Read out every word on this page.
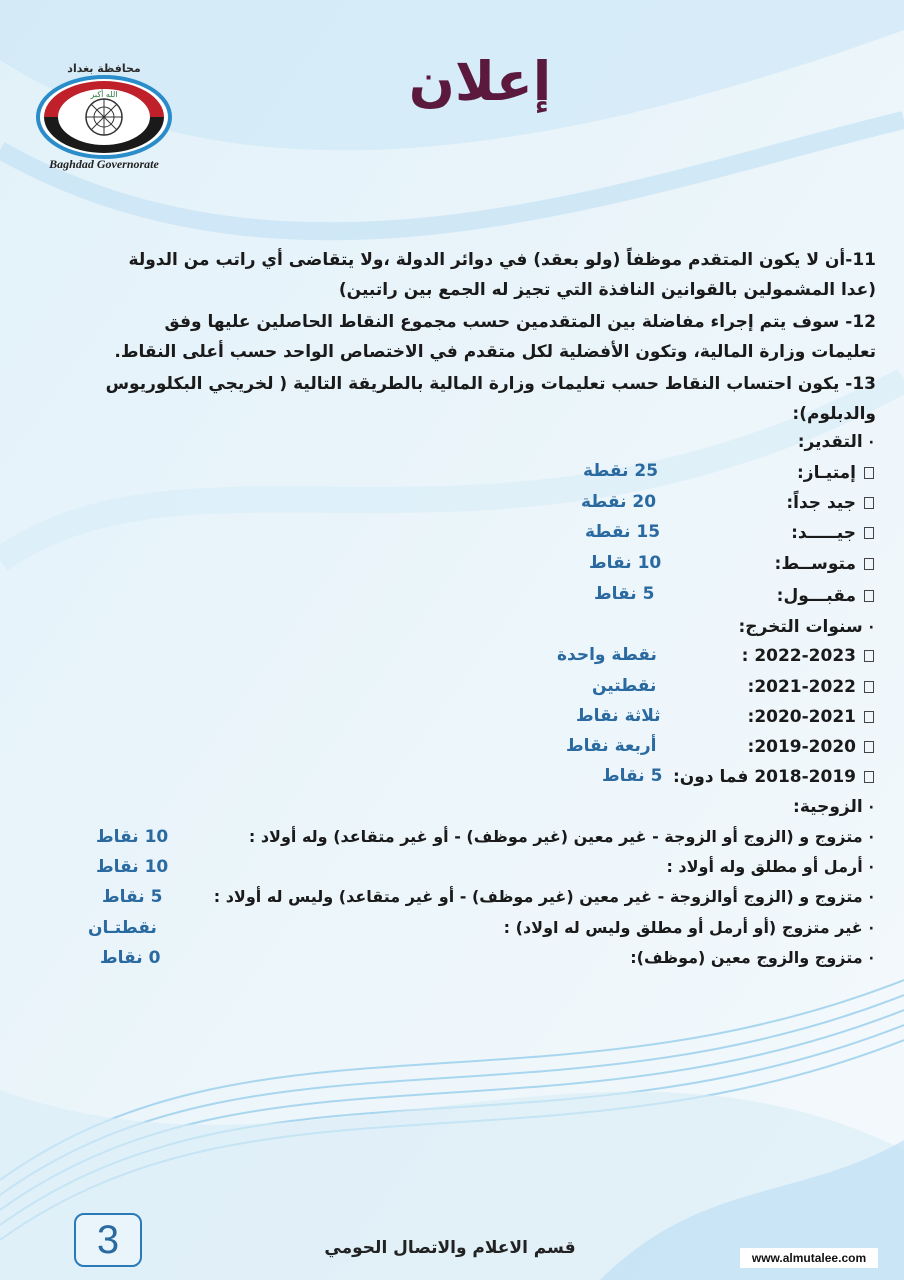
محافظة بغداد
الله أكبر
Baghdad Governorate
إعلان

11-أن لا يكون المتقدم موظفاً (ولو بعقد) في دوائر الدولة ،ولا يتقاضى أي راتب من الدولة

(عدا المشمولين بالقوانين النافذة التي تجيز له الجمع بين راتبين)

12- سوف يتم إجراء مفاضلة بين المتقدمين حسب مجموع النقاط الحاصلين عليها وفق

تعليمات وزارة المالية، وتكون الأفضلية لكل متقدم في الاختصاص الواحد حسب أعلى النقاط.

13- يكون احتساب النقاط حسب تعليمات وزارة المالية بالطريقة التالية ( لخريجي البكلوريوس

والدبلوم):

·التقدير:
إمتيـاز:
25 نقطة
جيد جداً:
20 نقطة
جيـــــد:
15 نقطة
متوســط:
10 نقاط
مقبـــول:
5 نقاط
·سنوات التخرج:
2022-2023 :
نقطة واحدة
2021-2022:
نقطتين
2020-2021:
ثلاثة نقاط
2019-2020:
أربعة نقاط
2018-2019 فما دون:
5 نقاط
·الزوجية:
·متزوج و (الزوج أو الزوجة - غير معين (غير موظف) - أو غير متقاعد) وله أولاد :
10 نقاط
·أرمل أو مطلق وله أولاد :
10 نقاط
·متزوج و (الزوج أوالزوجة - غير معين (غير موظف) - أو غير متقاعد) وليس له أولاد :
5 نقاط
·غير متزوج (أو أرمل أو مطلق وليس له اولاد) :
نقطتـان
·متزوج والزوج معين (موظف):
0 نقاط
3	قسم الاعلام والاتصال الحومي	www.almutalee.com
